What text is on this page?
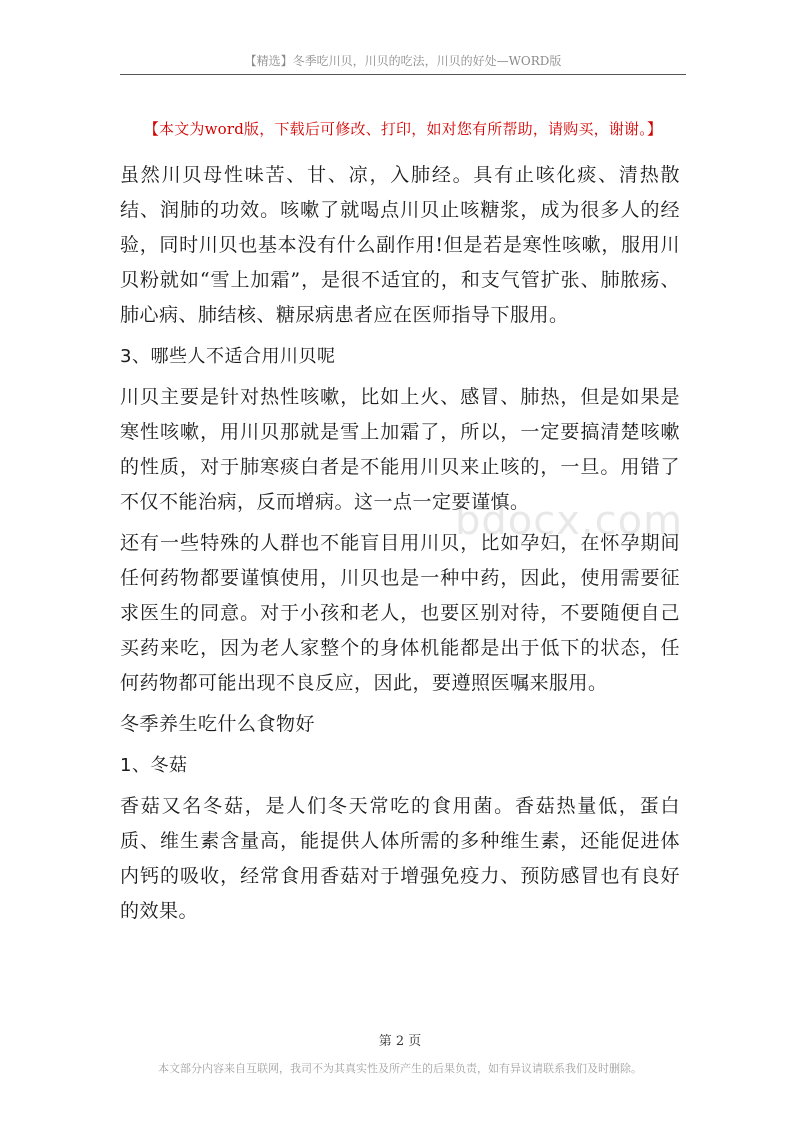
【精选】冬季吃川贝，川贝的吃法，川贝的好处—WORD版
【本文为word版，下载后可修改、打印，如对您有所帮助，请购买，谢谢。】

虽然川贝母性味苦、甘、凉，入肺经。具有止咳化痰、清热散结、润肺的功效。咳嗽了就喝点川贝止咳糖浆，成为很多人的经验，同时川贝也基本没有什么副作用!但是若是寒性咳嗽，服用川贝粉就如“雪上加霜”，是很不适宜的，和支气管扩张、肺脓疡、肺心病、肺结核、糖尿病患者应在医师指导下服用。

3、哪些人不适合用川贝呢

川贝主要是针对热性咳嗽，比如上火、感冒、肺热，但是如果是寒性咳嗽，用川贝那就是雪上加霜了，所以，一定要搞清楚咳嗽的性质，对于肺寒痰白者是不能用川贝来止咳的，一旦。用错了不仅不能治病，反而增病。这一点一定要谨慎。

还有一些特殊的人群也不能盲目用川贝，比如孕妇，在怀孕期间任何药物都要谨慎使用，川贝也是一种中药，因此，使用需要征求医生的同意。对于小孩和老人，也要区别对待，不要随便自己买药来吃，因为老人家整个的身体机能都是出于低下的状态，任何药物都可能出现不良反应，因此，要遵照医嘱来服用。

冬季养生吃什么食物好

1、冬菇

香菇又名冬菇，是人们冬天常吃的食用菌。香菇热量低，蛋白质、维生素含量高，能提供人体所需的多种维生素，还能促进体内钙的吸收，经常食用香菇对于增强免疫力、预防感冒也有良好的效果。

bdocx.com
第 2 页
本文部分内容来自互联网，我司不为其真实性及所产生的后果负责，如有异议请联系我们及时删除。
